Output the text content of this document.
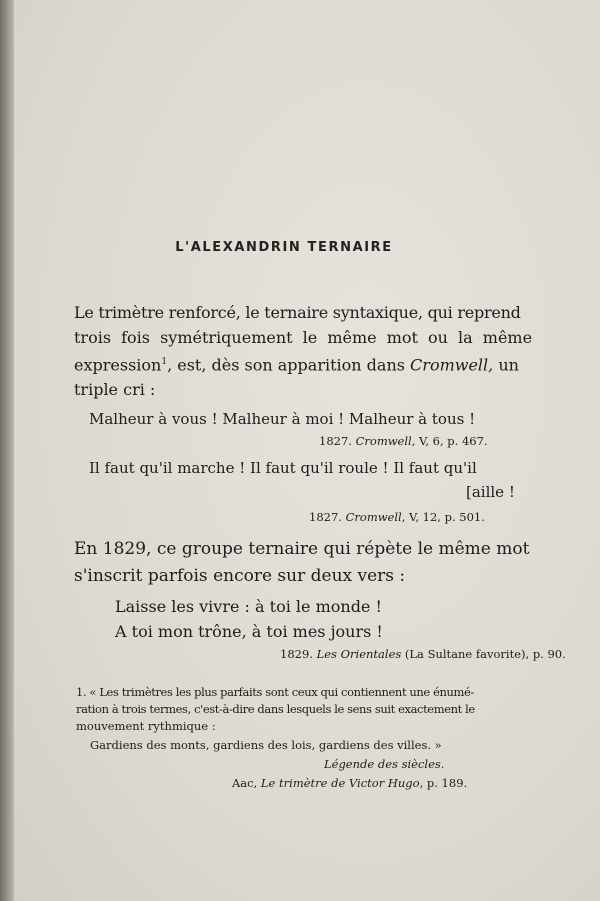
L'ALEXANDRIN TERNAIRE
Le trimètre renforcé, le ternaire syntaxique, qui reprend
trois fois symétriquement le même mot ou la même
expression$^1$, est, dès son apparition dans Cromwell, un
triple cri :
Malheur à vous ! Malheur à moi ! Malheur à tous !
1827. Cromwell, V, 6, p. 467.
Il faut qu'il marche ! Il faut qu'il roule ! Il faut qu'il
[aille !
1827. Cromwell, V, 12, p. 501.
En 1829, ce groupe ternaire qui répète le même mot
s'inscrit parfois encore sur deux vers :
Laisse les vivre : à toi le monde !
A toi mon trône, à toi mes jours !
1829. Les Orientales (La Sultane favorite), p. 90.
1. « Les trimètres les plus parfaits sont ceux qui contiennent une énumé-
ration à trois termes, c'est-à-dire dans lesquels le sens suit exactement le
mouvement rythmique :
Gardiens des monts, gardiens des lois, gardiens des villes. »
Légende des siècles.
Aac, Le trimètre de Victor Hugo, p. 189.
